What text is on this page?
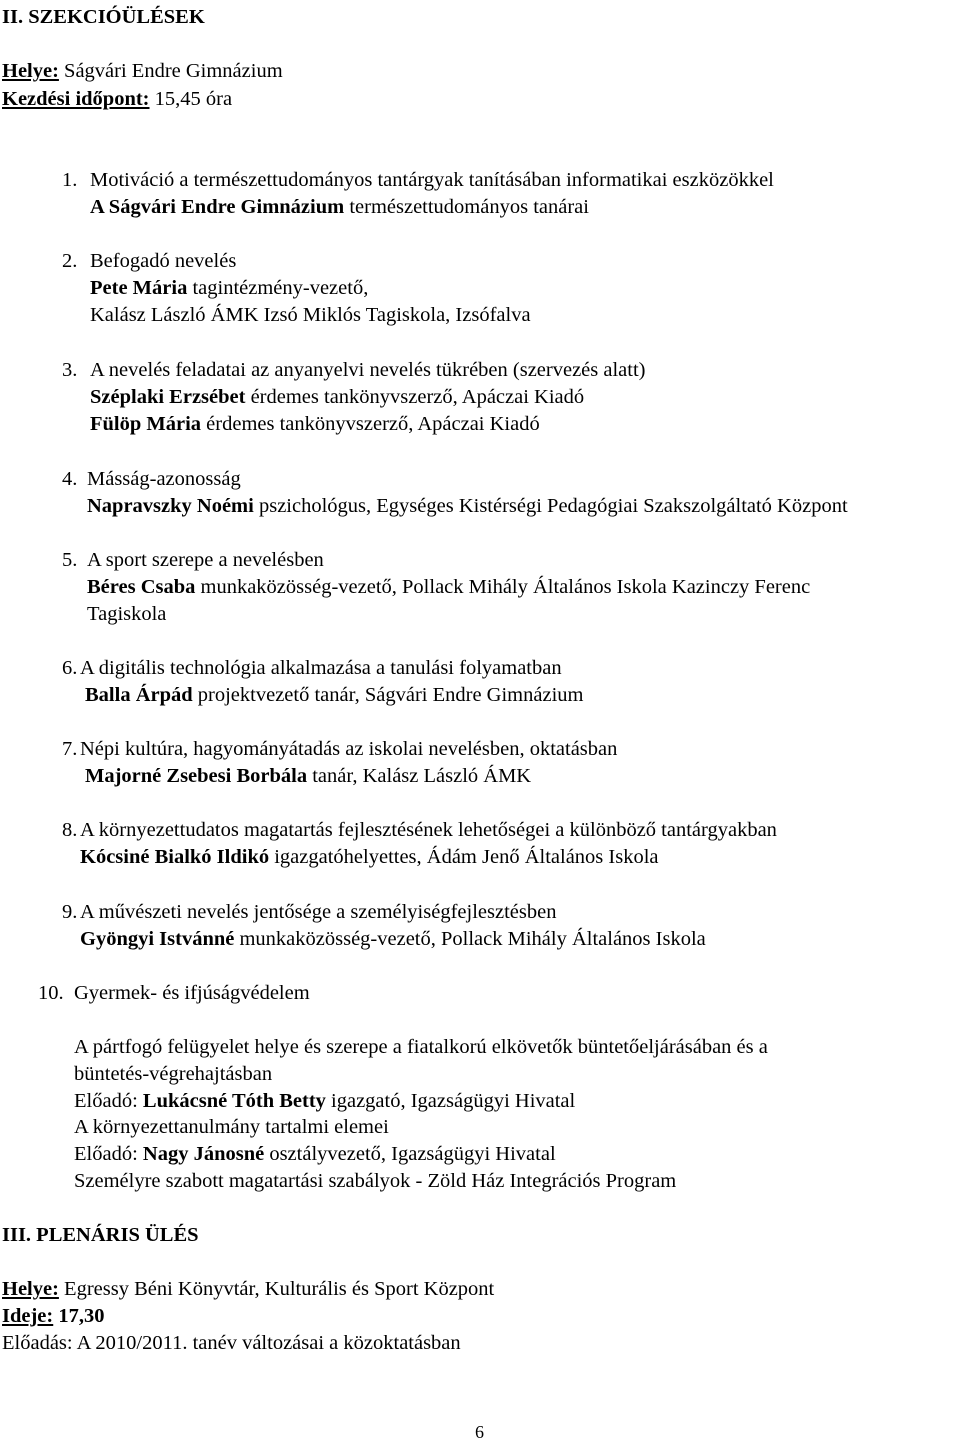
II. SZEKCIÓÜLÉSEK
Helye: Ságvári Endre Gimnázium
Kezdési időpont: 15,45 óra
1. Motiváció a természettudományos tantárgyak tanításában informatikai eszközökkel
A Ságvári Endre Gimnázium természettudományos tanárai
2. Befogadó nevelés
Pete Mária tagintézmény-vezető,
Kalász László ÁMK Izsó Miklós Tagiskola, Izsófalva
3. A nevelés feladatai az anyanyelvi nevelés tükrében (szervezés alatt)
Széplaki Erzsébet érdemes tankönyvszerző, Apáczai Kiadó
Fülöp Mária érdemes tankönyvszerző, Apáczai Kiadó
4. Másság-azonosság
Napravszky Noémi pszichológus, Egységes Kistérségi Pedagógiai Szakszolgáltató Központ
5. A sport szerepe a nevelésben
Béres Csaba munkaközösség-vezető, Pollack Mihály Általános Iskola Kazinczy Ferenc
Tagiskola
6. A digitális technológia alkalmazása a tanulási folyamatban
Balla Árpád projektvezető tanár, Ságvári Endre Gimnázium
7. Népi kultúra, hagyományátadás az iskolai nevelésben, oktatásban
Majorné Zsebesi Borbála tanár, Kalász László ÁMK
8. A környezettudatos magatartás fejlesztésének lehetőségei a különböző tantárgyakban
Kócsiné Bialkó Ildikó igazgatóhelyettes, Ádám Jenő Általános Iskola
9. A művészeti nevelés jentősége a személyiségfejlesztésben
Gyöngyi Istvánné munkaközösség-vezető, Pollack Mihály Általános Iskola
10. Gyermek- és ifjúságvédelem
A pártfogó felügyelet helye és szerepe a fiatalkorú elkövetők büntetőeljárásában és a
büntetés-végrehajtásban
Előadó: Lukácsné Tóth Betty igazgató, Igazságügyi Hivatal
A környezettanulmány tartalmi elemei
Előadó: Nagy Jánosné osztályvezető, Igazságügyi Hivatal
Személyre szabott magatartási szabályok - Zöld Ház Integrációs Program
III. PLENÁRIS ÜLÉS
Helye: Egressy Béni Könyvtár, Kulturális és Sport Központ
Ideje: 17,30
Előadás: A 2010/2011. tanév változásai a közoktatásban
6
